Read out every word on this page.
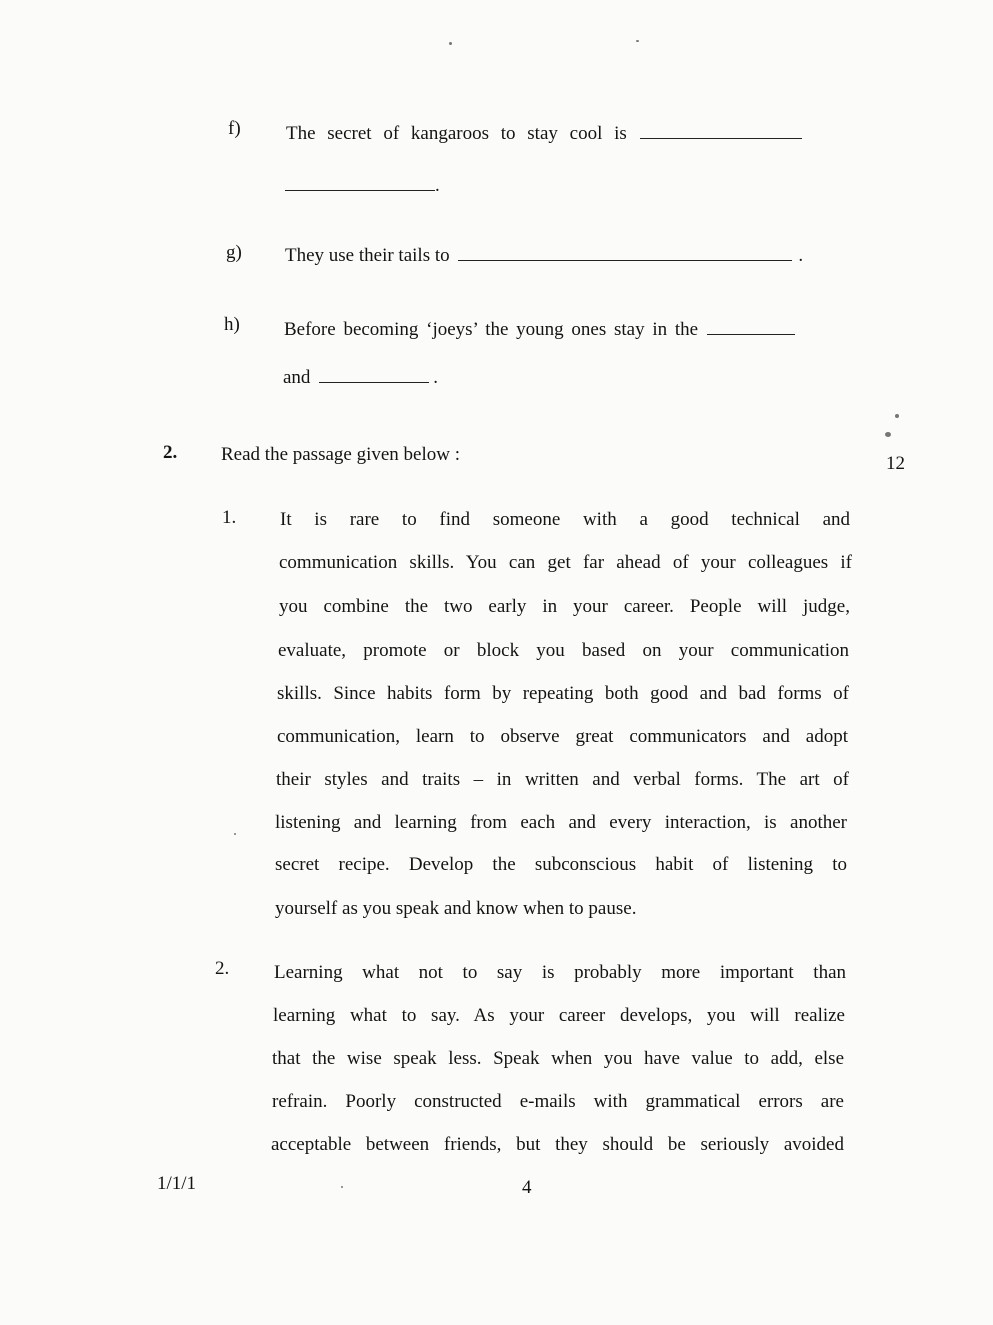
f) The secret of kangaroos to stay cool is
.
g) They use their tails to	.
h) Before becoming ‘joeys’ the young ones stay in the
and	.
2. Read the passage given below :	12
1. It is rare to find someone with a good technical and
communication skills. You can get far ahead of your colleagues if
you combine the two early in your career. People will judge,
evaluate, promote or block you based on your communication
skills. Since habits form by repeating both good and bad forms of
communication, learn to observe great communicators and adopt
their styles and traits – in written and verbal forms. The art of
listening and learning from each and every interaction, is another
secret recipe. Develop the subconscious habit of listening to
yourself as you speak and know when to pause.
2. Learning what not to say is probably more important than
learning what to say. As your career develops, you will realize
that the wise speak less. Speak when you have value to add, else
refrain. Poorly constructed e-mails with grammatical errors are
acceptable between friends, but they should be seriously avoided
1/1/1	4
